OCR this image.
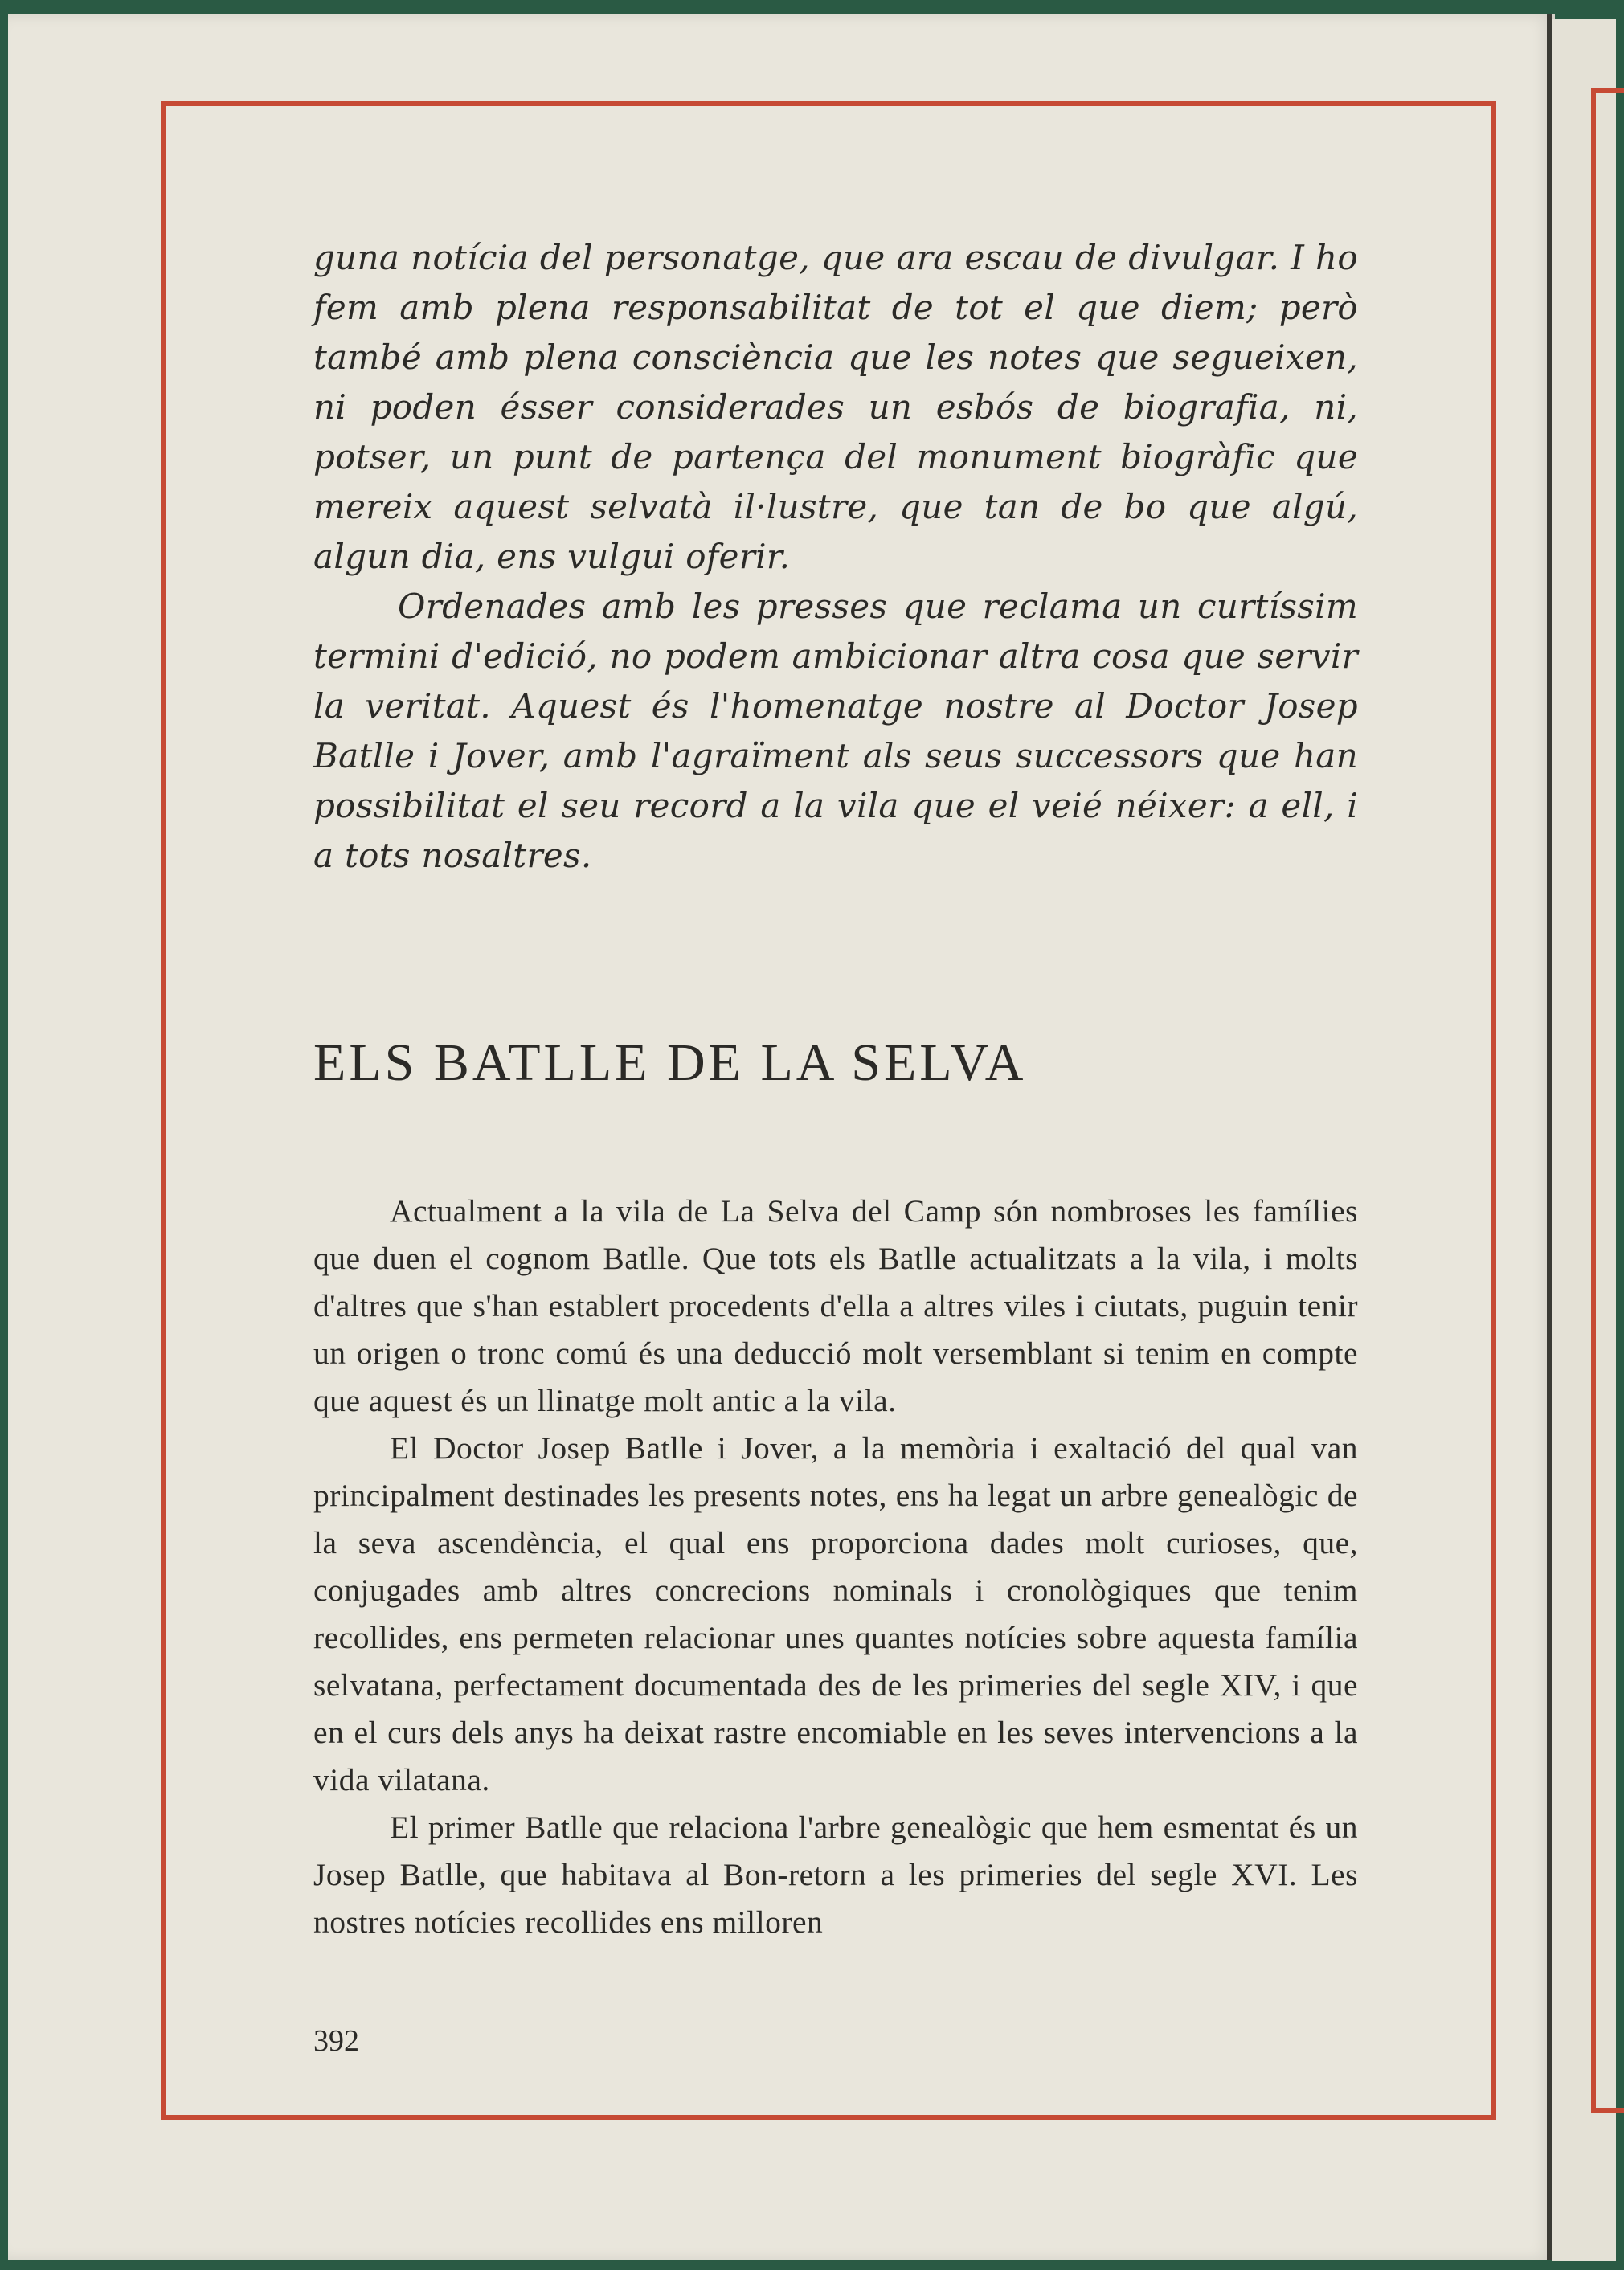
guna notícia del personatge, que ara escau de divulgar. I ho fem amb plena responsabilitat de tot el que diem; però també amb plena consciència que les notes que segueixen, ni poden ésser considerades un esbós de biografia, ni, potser, un punt de partença del monument biogràfic que mereix aquest selvatà il·lustre, que tan de bo que algú, algun dia, ens vulgui oferir.

Ordenades amb les presses que reclama un curtíssim termini d'edició, no podem ambicionar altra cosa que servir la veritat. Aquest és l'homenatge nostre al Doctor Josep Batlle i Jover, amb l'agraïment als seus successors que han possibilitat el seu record a la vila que el veié néixer: a ell, i a tots nosaltres.

ELS BATLLE DE LA SELVA

Actualment a la vila de La Selva del Camp són nombroses les famílies que duen el cognom Batlle. Que tots els Batlle actualitzats a la vila, i molts d'altres que s'han establert procedents d'ella a altres viles i ciutats, puguin tenir un origen o tronc comú és una deducció molt versemblant si tenim en compte que aquest és un llinatge molt antic a la vila.

El Doctor Josep Batlle i Jover, a la memòria i exaltació del qual van principalment destinades les presents notes, ens ha legat un arbre genealògic de la seva ascendència, el qual ens proporciona dades molt curioses, que, conjugades amb altres concrecions nominals i cronològiques que tenim recollides, ens permeten relacionar unes quantes notícies sobre aquesta família selvatana, perfectament documentada des de les primeries del segle XIV, i que en el curs dels anys ha deixat rastre encomiable en les seves intervencions a la vida vilatana.

El primer Batlle que relaciona l'arbre genealògic que hem esmentat és un Josep Batlle, que habitava al Bon-retorn a les primeries del segle XVI. Les nostres notícies recollides ens milloren

392
